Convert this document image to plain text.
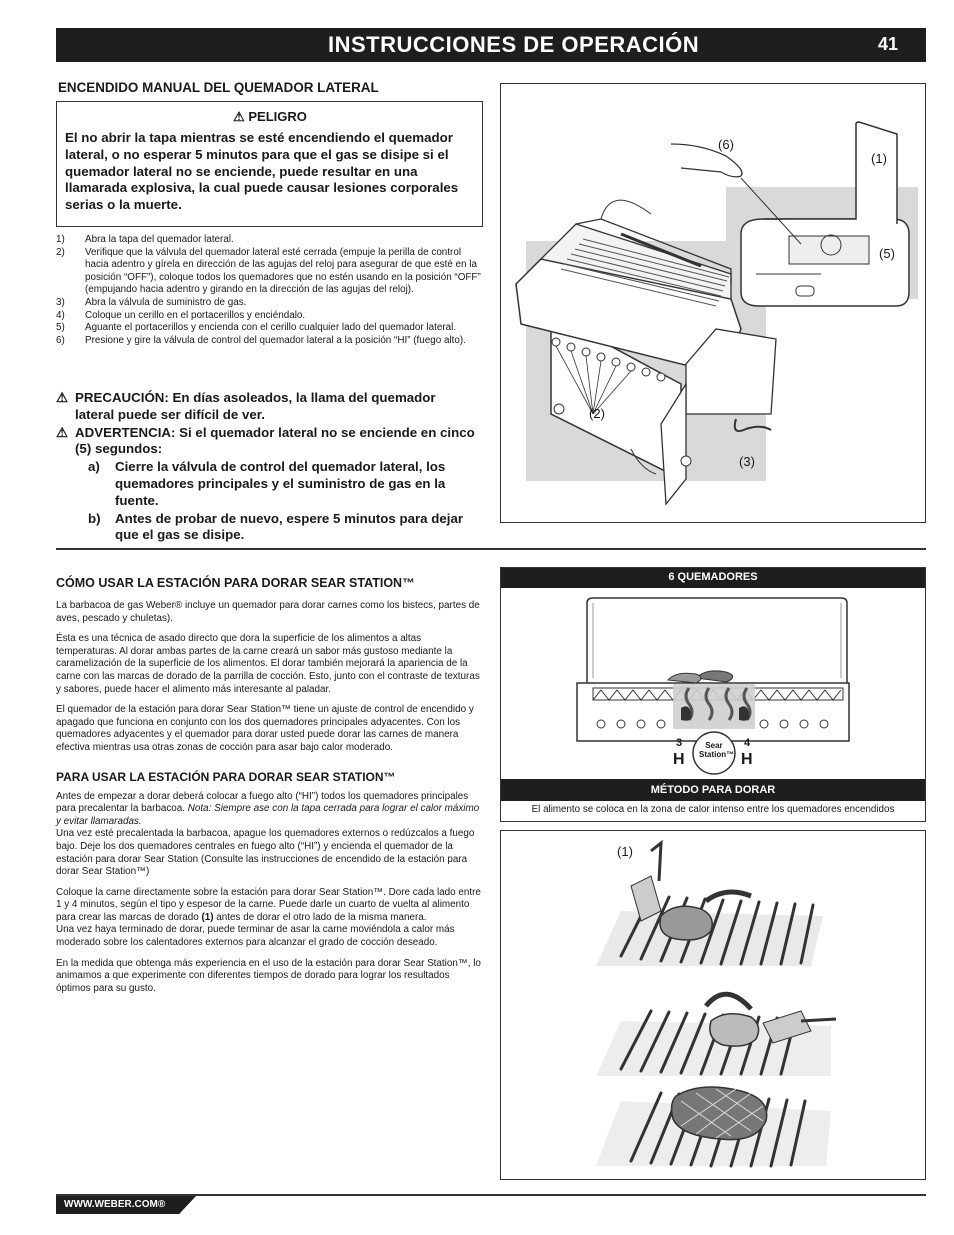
INSTRUCCIONES DE OPERACIÓN	41
ENCENDIDO MANUAL DEL QUEMADOR LATERAL
⚠ PELIGRO
El no abrir la tapa mientras se esté encendiendo el quemador lateral, o no esperar 5 minutos para que el gas se disipe si el quemador lateral no se enciende, puede resultar en una llamarada explosiva, la cual puede causar lesiones corporales serias o la muerte.
1) Abra la tapa del quemador lateral.
2) Verifique que la válvula del quemador lateral esté cerrada (empuje la perilla de control hacia adentro y gírela en dirección de las agujas del reloj para asegurar de que esté en la posición “OFF”), coloque todos los quemadores que no estén usando en la posición “OFF” (empujando hacia adentro y girando en la dirección de las agujas del reloj).
3) Abra la válvula de suministro de gas.
4) Coloque un cerillo en el portacerillos y enciéndalo.
5) Aguante el portacerillos y encienda con el cerillo cualquier lado del quemador lateral.
6) Presione y gire la válvula de control del quemador lateral a la posición “HI” (fuego alto).
⚠ PRECAUCIÓN: En días asoleados, la llama del quemador lateral puede ser difícil de ver.
⚠ ADVERTENCIA: Si el quemador lateral no se enciende en cinco (5) segundos:
a) Cierre la válvula de control del quemador lateral, los quemadores principales y el suministro de gas en la fuente.
b) Antes de probar de nuevo, espere 5 minutos para dejar que el gas se disipe.
(1)
(2)
(3)
(5)
(6)
CÓMO USAR LA ESTACIÓN PARA DORAR SEAR STATION™

La barbacoa de gas Weber® incluye un quemador para dorar carnes como los bistecs, partes de aves, pescado y chuletas).

Ésta es una técnica de asado directo que dora la superficie de los alimentos a altas temperaturas. Al dorar ambas partes de la carne creará un sabor más gustoso mediante la caramelización de la superficie de los alimentos. El dorar también mejorará la apariencia de la carne con las marcas de dorado de la parrilla de cocción. Esto, junto con el contraste de texturas y sabores, puede hacer el alimento más interesante al paladar.

El quemador de la estación para dorar Sear Station™ tiene un ajuste de control de encendido y apagado que funciona en conjunto con los dos quemadores principales adyacentes. Con los quemadores adyacentes y el quemador para dorar usted puede dorar las carnes de manera efectiva mientras usa otras zonas de cocción para asar bajo calor moderado.

PARA USAR LA ESTACIÓN PARA DORAR SEAR STATION™

Antes de empezar a dorar deberá colocar a fuego alto (“HI”) todos los quemadores principales para precalentar la barbacoa. Nota: Siempre ase con la tapa cerrada para lograr el calor máximo y evitar llamaradas.

Una vez esté precalentada la barbacoa, apague los quemadores externos o redúzcalos a fuego bajo. Deje los dos quemadores centrales en fuego alto (“HI”) y encienda el quemador de la estación para dorar Sear Station (Consulte las instrucciones de encendido de la estación para dorar Sear Station™)

Coloque la carne directamente sobre la estación para dorar Sear Station™. Dore cada lado entre 1 y 4 minutos, según el tipo y espesor de la carne. Puede darle un cuarto de vuelta al alimento para crear las marcas de dorado (1) antes de dorar el otro lado de la misma manera.

Una vez haya terminado de dorar, puede terminar de asar la carne moviéndola a calor más moderado sobre los calentadores externos para alcanzar el grado de cocción deseado.

En la medida que obtenga más experiencia en el uso de la estación para dorar Sear Station™, lo animamos a que experimente con diferentes tiempos de dorado para lograr los resultados óptimos para su gusto.

6 QUEMADORES
Sear
Station™
3	4
H	H
MÉTODO PARA DORAR
El alimento se coloca en la zona de calor intenso entre los quemadores encendidos
(1)
WWW.WEBER.COM®
